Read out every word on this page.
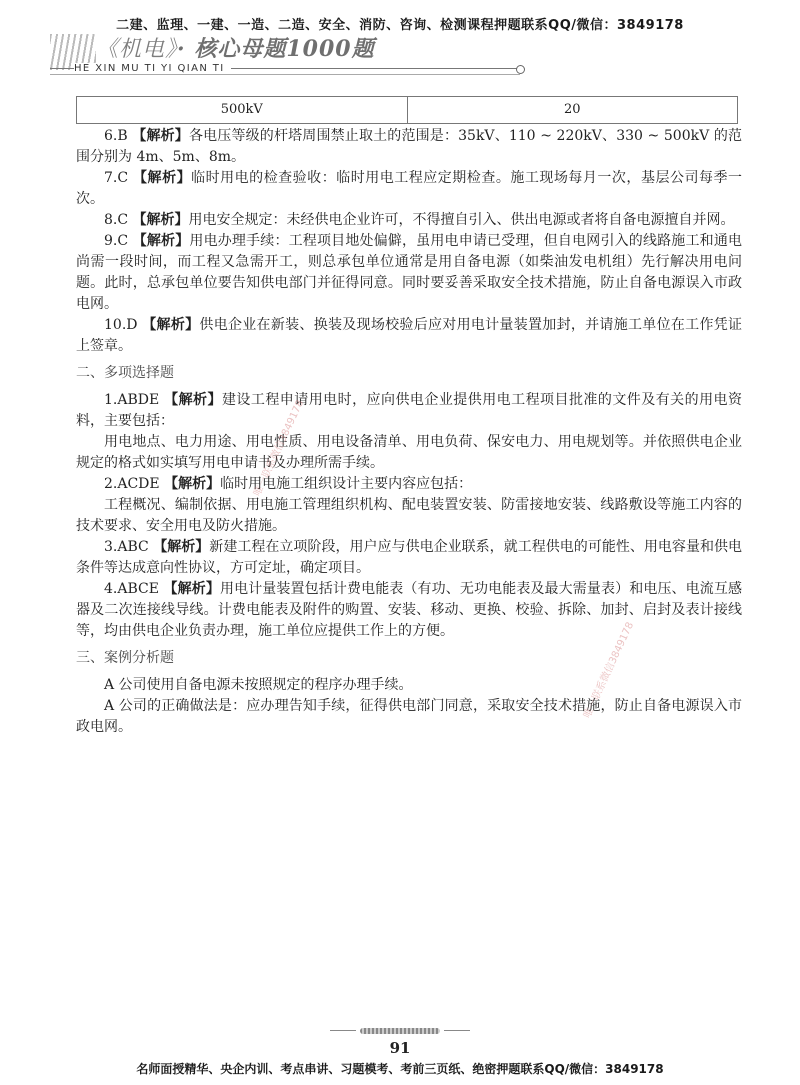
二建、监理、一建、一造、二造、安全、消防、咨询、检测课程押题联系QQ/微信：3849178
《机电》· 核心母题1000题
HE XIN MU TI YI QIAN TI
500kV	20

6.B 【解析】各电压等级的杆塔周围禁止取土的范围是：35kV、110 ~ 220kV、330 ~ 500kV 的范围分别为 4m、5m、8m。

7.C 【解析】临时用电的检查验收：临时用电工程应定期检查。施工现场每月一次，基层公司每季一次。

8.C 【解析】用电安全规定：未经供电企业许可，不得擅自引入、供出电源或者将自备电源擅自并网。

9.C 【解析】用电办理手续：工程项目地处偏僻，虽用电申请已受理，但自电网引入的线路施工和通电尚需一段时间，而工程又急需开工，则总承包单位通常是用自备电源（如柴油发电机组）先行解决用电问题。此时，总承包单位要告知供电部门并征得同意。同时要妥善采取安全技术措施，防止自备电源误入市政电网。

10.D 【解析】供电企业在新装、换装及现场校验后应对用电计量装置加封，并请施工单位在工作凭证上签章。

二、多项选择题

1.ABDE 【解析】建设工程申请用电时，应向供电企业提供用电工程项目批准的文件及有关的用电资料，主要包括：

用电地点、电力用途、用电性质、用电设备清单、用电负荷、保安电力、用电规划等。并依照供电企业规定的格式如实填写用电申请书及办理所需手续。

2.ACDE 【解析】临时用电施工组织设计主要内容应包括：

工程概况、编制依据、用电施工管理组织机构、配电装置安装、防雷接地安装、线路敷设等施工内容的技术要求、安全用电及防火措施。

3.ABC 【解析】新建工程在立项阶段，用户应与供电企业联系，就工程供电的可能性、用电容量和供电条件等达成意向性协议，方可定址，确定项目。

4.ABCE 【解析】用电计量装置包括计费电能表（有功、无功电能表及最大需量表）和电压、电流互感器及二次连接线导线。计费电能表及附件的购置、安装、移动、更换、校验、拆除、加封、启封及表计接线等，均由供电企业负责办理，施工单位应提供工作上的方便。

三、案例分析题

A 公司使用自备电源未按照规定的程序办理手续。

A 公司的正确做法是：应办理告知手续，征得供电部门同意，采取安全技术措施，防止自备电源误入市政电网。

唯一联系微信3849178
唯一联系微信3849178
91
名师面授精华、央企内训、考点串讲、习题模考、考前三页纸、绝密押题联系QQ/微信：3849178
